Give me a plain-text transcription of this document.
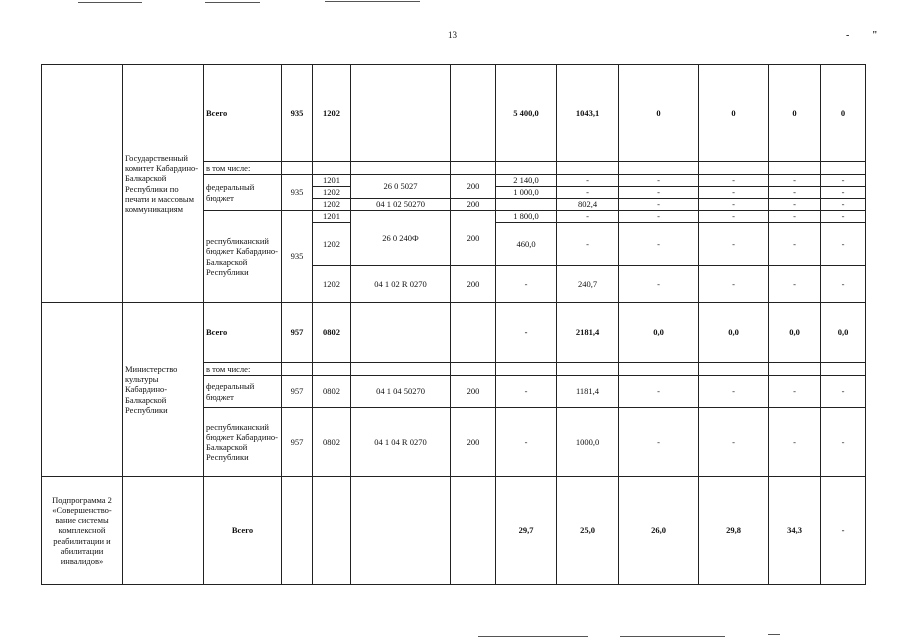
13	- "
	Государственный комитет Кабардино-Балкарской Республики по печати и массовым коммуникациям	Всего	935	1202			5 400,0	1043,1	0	0	0	0
		в том числе:										
		федеральный бюджет	935	1201	26 0 5027	200	2 140,0	-	-	-	-	-
				1202			1 000,0	-	-	-	-	-
				1202	04 1 02 50270	200		802,4	-	-	-	-
		республиканский бюджет Кабардино-Балкарской Республики	935	1201	26 0 240Ф	200	1 800,0	-	-	-	-	-
				1202			460,0	-	-	-	-	-

				1202	04 1 02 R 0270	200	-	240,7	-	-	-	-
	Министерство культуры Кабардино-Балкарской Республики	Всего	957	0802			-	2181,4	0,0	0,0	0,0	0,0
		в том числе:										
		федеральный бюджет	957	0802	04 1 04 50270	200	-	1181,4	-	-	-	-
		республиканский бюджет Кабардино-Балкарской Республики	957	0802	04 1 04 R 0270	200	-	1000,0	-	-	-	-
Подпрограмма 2 «Совершенство-вание системы комплексной реабилитации и абилитации инвалидов»		Всего					29,7	25,0	26,0	29,8	34,3	-
